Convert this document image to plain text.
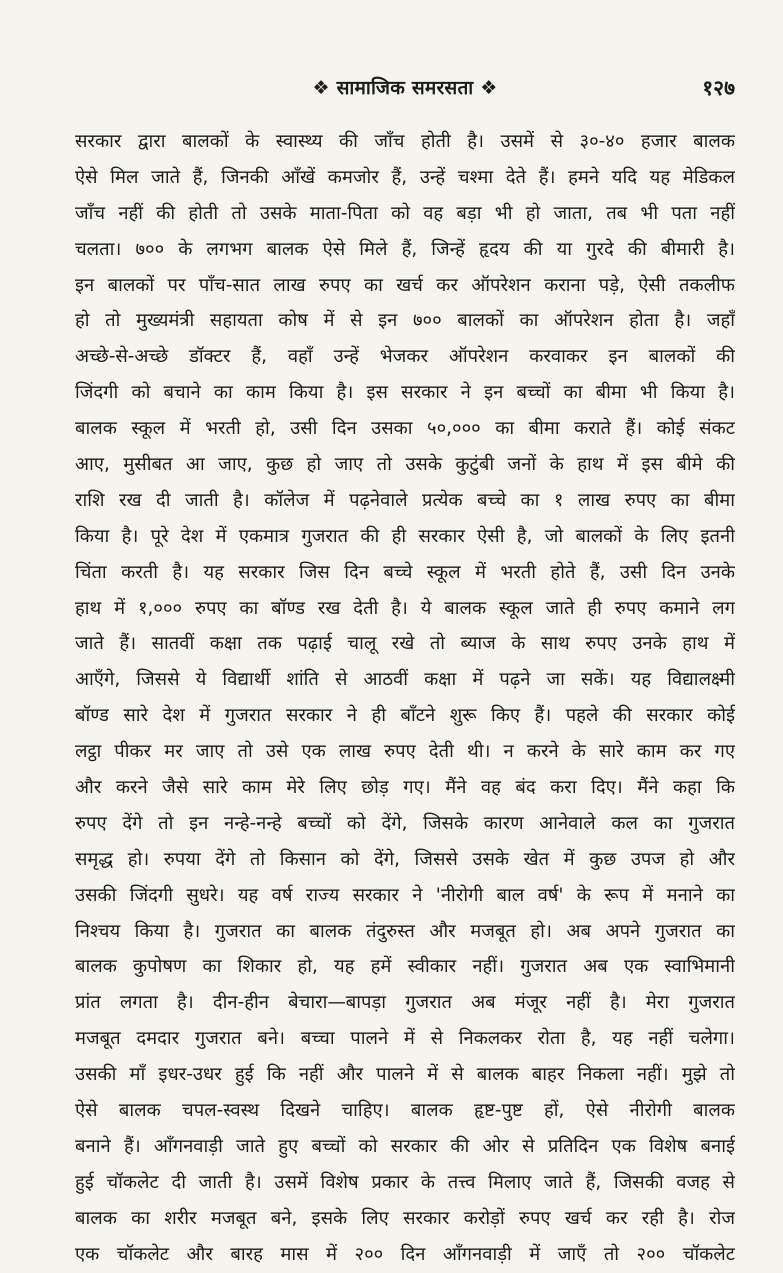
❖ सामाजिक समरसता ❖	१२७
सरकार द्वारा बालकों के स्वास्थ्य की जाँच होती है। उसमें से ३०-४० हजार बालक
ऐसे मिल जाते हैं, जिनकी आँखें कमजोर हैं, उन्हें चश्मा देते हैं। हमने यदि यह मेडिकल
जाँच नहीं की होती तो उसके माता-पिता को वह बड़ा भी हो जाता, तब भी पता नहीं
चलता। ७०० के लगभग बालक ऐसे मिले हैं, जिन्हें हृदय की या गुरदे की बीमारी है।
इन बालकों पर पाँच-सात लाख रुपए का खर्च कर ऑपरेशन कराना पड़े, ऐसी तकलीफ
हो तो मुख्यमंत्री सहायता कोष में से इन ७०० बालकों का ऑपरेशन होता है। जहाँ
अच्छे-से-अच्छे डॉक्टर हैं, वहाँ उन्हें भेजकर ऑपरेशन करवाकर इन बालकों की
जिंदगी को बचाने का काम किया है। इस सरकार ने इन बच्चों का बीमा भी किया है।
बालक स्कूल में भरती हो, उसी दिन उसका ५०,००० का बीमा कराते हैं। कोई संकट
आए, मुसीबत आ जाए, कुछ हो जाए तो उसके कुटुंबी जनों के हाथ में इस बीमे की
राशि रख दी जाती है। कॉलेज में पढ़नेवाले प्रत्येक बच्चे का १ लाख रुपए का बीमा
किया है। पूरे देश में एकमात्र गुजरात की ही सरकार ऐसी है, जो बालकों के लिए इतनी
चिंता करती है। यह सरकार जिस दिन बच्चे स्कूल में भरती होते हैं, उसी दिन उनके
हाथ में १,००० रुपए का बॉण्ड रख देती है। ये बालक स्कूल जाते ही रुपए कमाने लग
जाते हैं। सातवीं कक्षा तक पढ़ाई चालू रखे तो ब्याज के साथ रुपए उनके हाथ में
आएँगे, जिससे ये विद्यार्थी शांति से आठवीं कक्षा में पढ़ने जा सकें। यह विद्यालक्ष्मी
बॉण्ड सारे देश में गुजरात सरकार ने ही बाँटने शुरू किए हैं। पहले की सरकार कोई
लट्ठा पीकर मर जाए तो उसे एक लाख रुपए देती थी। न करने के सारे काम कर गए
और करने जैसे सारे काम मेरे लिए छोड़ गए। मैंने वह बंद करा दिए। मैंने कहा कि
रुपए देंगे तो इन नन्हे-नन्हे बच्चों को देंगे, जिसके कारण आनेवाले कल का गुजरात
समृद्ध हो। रुपया देंगे तो किसान को देंगे, जिससे उसके खेत में कुछ उपज हो और
उसकी जिंदगी सुधरे। यह वर्ष राज्य सरकार ने 'नीरोगी बाल वर्ष' के रूप में मनाने का
निश्चय किया है। गुजरात का बालक तंदुरुस्त और मजबूत हो। अब अपने गुजरात का
बालक कुपोषण का शिकार हो, यह हमें स्वीकार नहीं। गुजरात अब एक स्वाभिमानी
प्रांत लगता है। दीन-हीन बेचारा—बापड़ा गुजरात अब मंजूर नहीं है। मेरा गुजरात
मजबूत दमदार गुजरात बने। बच्चा पालने में से निकलकर रोता है, यह नहीं चलेगा।
उसकी माँ इधर-उधर हुई कि नहीं और पालने में से बालक बाहर निकला नहीं। मुझे तो
ऐसे बालक चपल-स्वस्थ दिखने चाहिए। बालक हृष्ट-पुष्ट हों, ऐसे नीरोगी बालक
बनाने हैं। आँगनवाड़ी जाते हुए बच्चों को सरकार की ओर से प्रतिदिन एक विशेष बनाई
हुई चॉकलेट दी जाती है। उसमें विशेष प्रकार के तत्त्व मिलाए जाते हैं, जिसकी वजह से
बालक का शरीर मजबूत बने, इसके लिए सरकार करोड़ों रुपए खर्च कर रही है। रोज
एक चॉकलेट और बारह मास में २०० दिन आँगनवाड़ी में जाएँ तो २०० चॉकलेट
